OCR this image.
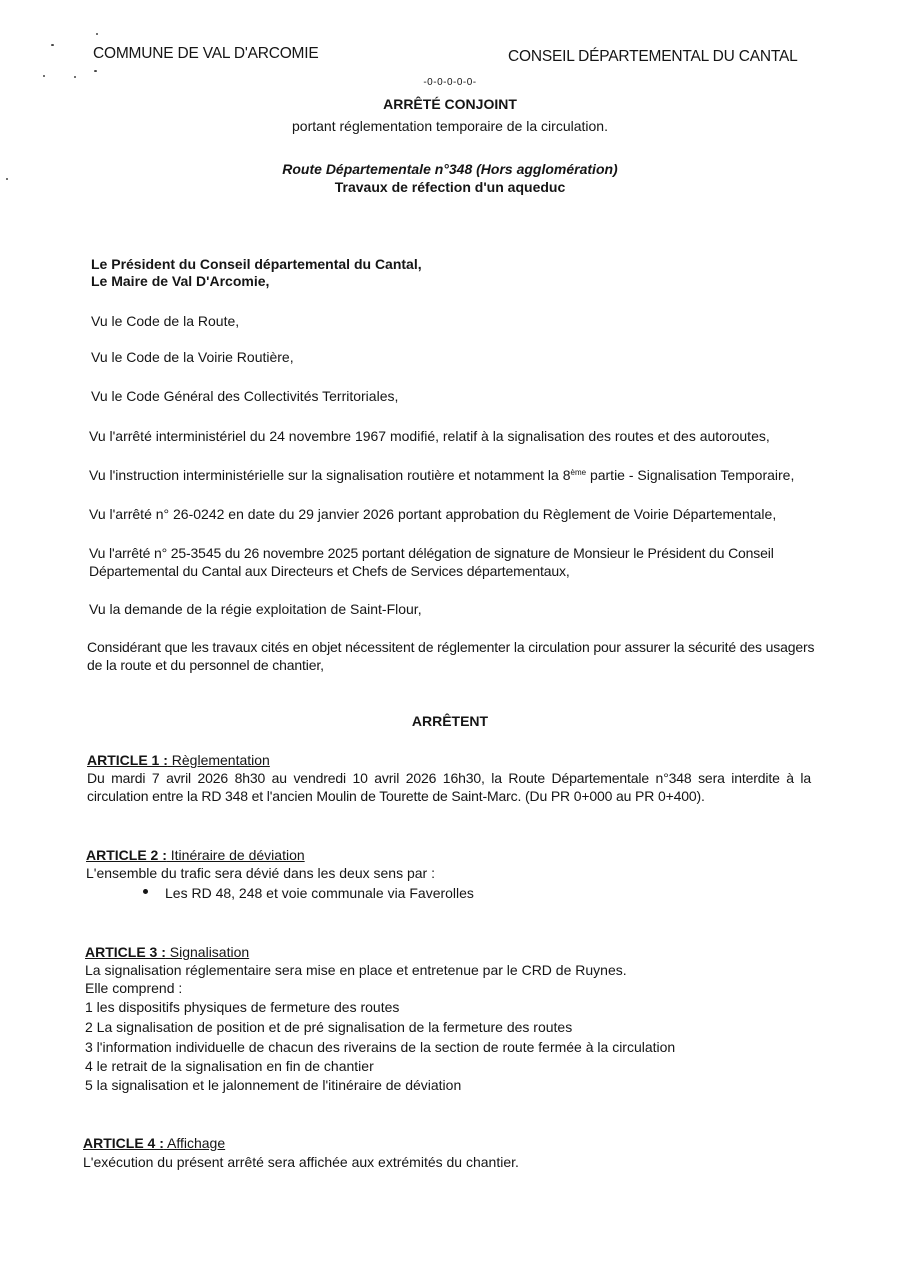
COMMUNE DE VAL D'ARCOMIE	CONSEIL DÉPARTEMENTAL DU CANTAL
-0-0-0-0-0-
ARRÊTÉ CONJOINT
portant réglementation temporaire de la circulation.
Route Départementale n°348 (Hors agglomération)
Travaux de réfection d'un aqueduc
Le Président du Conseil départemental du Cantal,
Le Maire de Val D'Arcomie,
Vu le Code de la Route,
Vu le Code de la Voirie Routière,
Vu le Code Général des Collectivités Territoriales,
Vu l'arrêté interministériel du 24 novembre 1967 modifié, relatif à la signalisation des routes et des autoroutes,
Vu l'instruction interministérielle sur la signalisation routière et notamment la 8ème partie - Signalisation Temporaire,
Vu l'arrêté n° 26-0242 en date du 29 janvier 2026 portant approbation du Règlement de Voirie Départementale,
Vu l'arrêté n° 25-3545 du 26 novembre 2025 portant délégation de signature de Monsieur le Président du Conseil Départemental du Cantal aux Directeurs et Chefs de Services départementaux,
Vu la demande de la régie exploitation de Saint-Flour,
Considérant que les travaux cités en objet nécessitent de réglementer la circulation pour assurer la sécurité des usagers de la route et du personnel de chantier,
ARRÊTENT
ARTICLE 1 : Règlementation
Du mardi 7 avril 2026 8h30 au vendredi 10 avril 2026 16h30, la Route Départementale n°348 sera interdite à la circulation entre la RD 348 et l'ancien Moulin de Tourette de Saint-Marc. (Du PR 0+000 au PR 0+400).
ARTICLE 2 : Itinéraire de déviation
L'ensemble du trafic sera dévié dans les deux sens par :
Les RD 48, 248 et voie communale via Faverolles
ARTICLE 3 : Signalisation
La signalisation réglementaire sera mise en place et entretenue par le CRD de Ruynes.
Elle comprend :
1 les dispositifs physiques de fermeture des routes
2 La signalisation de position et de pré signalisation de la fermeture des routes
3 l'information individuelle de chacun des riverains de la section de route fermée à la circulation
4 le retrait de la signalisation en fin de chantier
5 la signalisation et le jalonnement de l'itinéraire de déviation
ARTICLE 4 : Affichage
L'exécution du présent arrêté sera affichée aux extrémités du chantier.
